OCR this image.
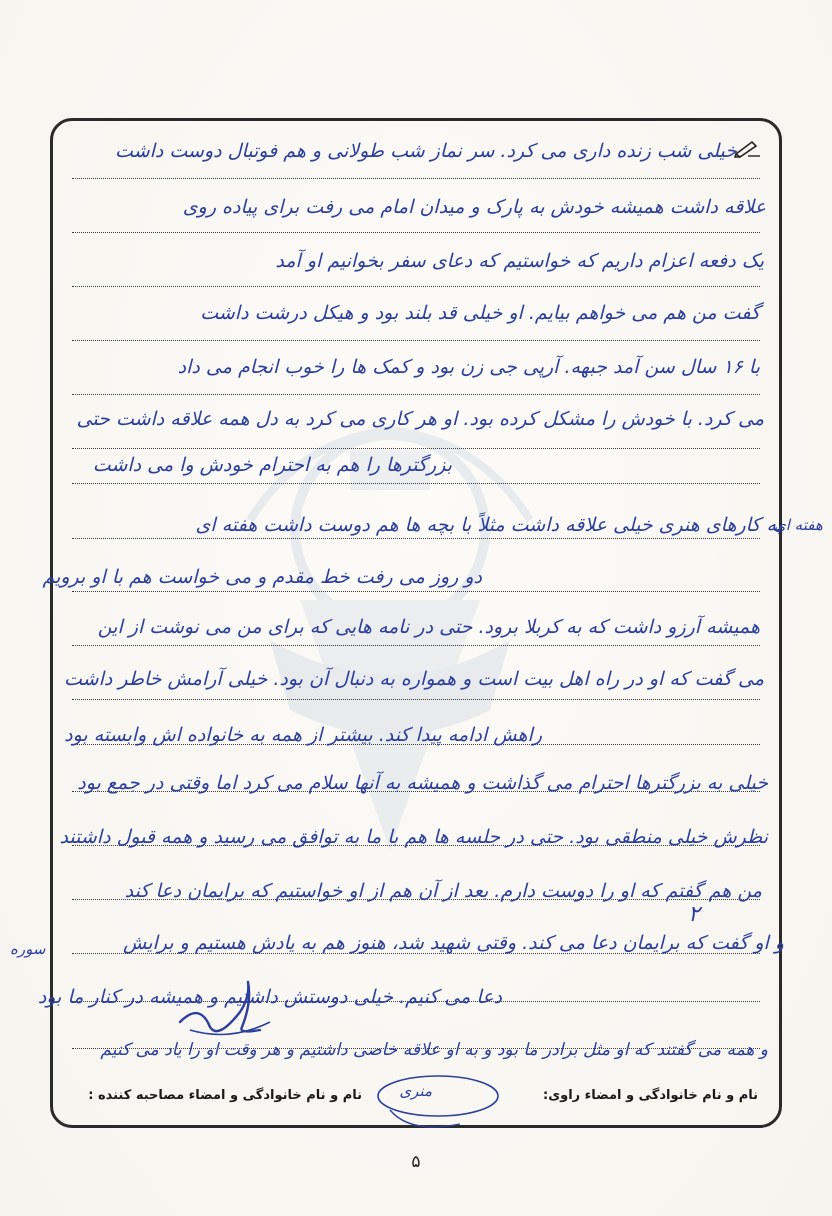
خیلی شب زنده داری می کرد. سر نماز شب طولانی و هم فوتبال دوست داشت
علاقه داشت همیشه خودش به پارک و میدان امام می رفت برای پیاده روی
یک دفعه اعزام داریم که خواستیم که دعای سفر بخوانیم او آمد
گفت من هم می خواهم بیایم. او خیلی قد بلند بود و هیکل درشت داشت
با ۱۶ سال سن آمد جبهه. آرپی جی زن بود و کمک ها را خوب انجام می داد
می کرد. با خودش را مشکل کرده بود. او هر کاری می کرد به دل همه علاقه داشت حتی
بزرگترها را هم به احترام خودش وا می داشت
به کارهای هنری خیلی علاقه داشت مثلاً با بچه ها هم دوست داشت هفته ای
دو روز می رفت خط مقدم و می خواست هم با او برویم
همیشه آرزو داشت که به کربلا برود. حتی در نامه هایی که برای من می نوشت از این
می گفت که او در راه اهل بیت است و همواره به دنبال آن بود. خیلی آرامش خاطر داشت
راهش ادامه پیدا کند. بیشتر از همه به خانواده اش وابسته بود
خیلی به بزرگترها احترام می گذاشت و همیشه به آنها سلام می کرد اما وقتی در جمع بود
نظرش خیلی منطقی بود. حتی در جلسه ها هم با ما به توافق می رسید و همه قبول داشتند
من هم گفتم که او را دوست دارم. بعد از آن هم از او خواستیم که برایمان دعا کند
و او گفت که برایمان دعا می کند. وقتی شهید شد، هنوز هم به یادش هستیم و برایش
دعا می کنیم. خیلی دوستش داشتیم و همیشه در کنار ما بود
و همه می گفتند که او مثل برادر ما بود و به او علاقه خاصی داشتیم و هر وقت او را یاد می کنیم
۲
هفته ای
سوره
نام و نام خانوادگی و امضاء راوی:
نام و نام خانوادگی و امضاء مصاحبه کننده : منری
۵
